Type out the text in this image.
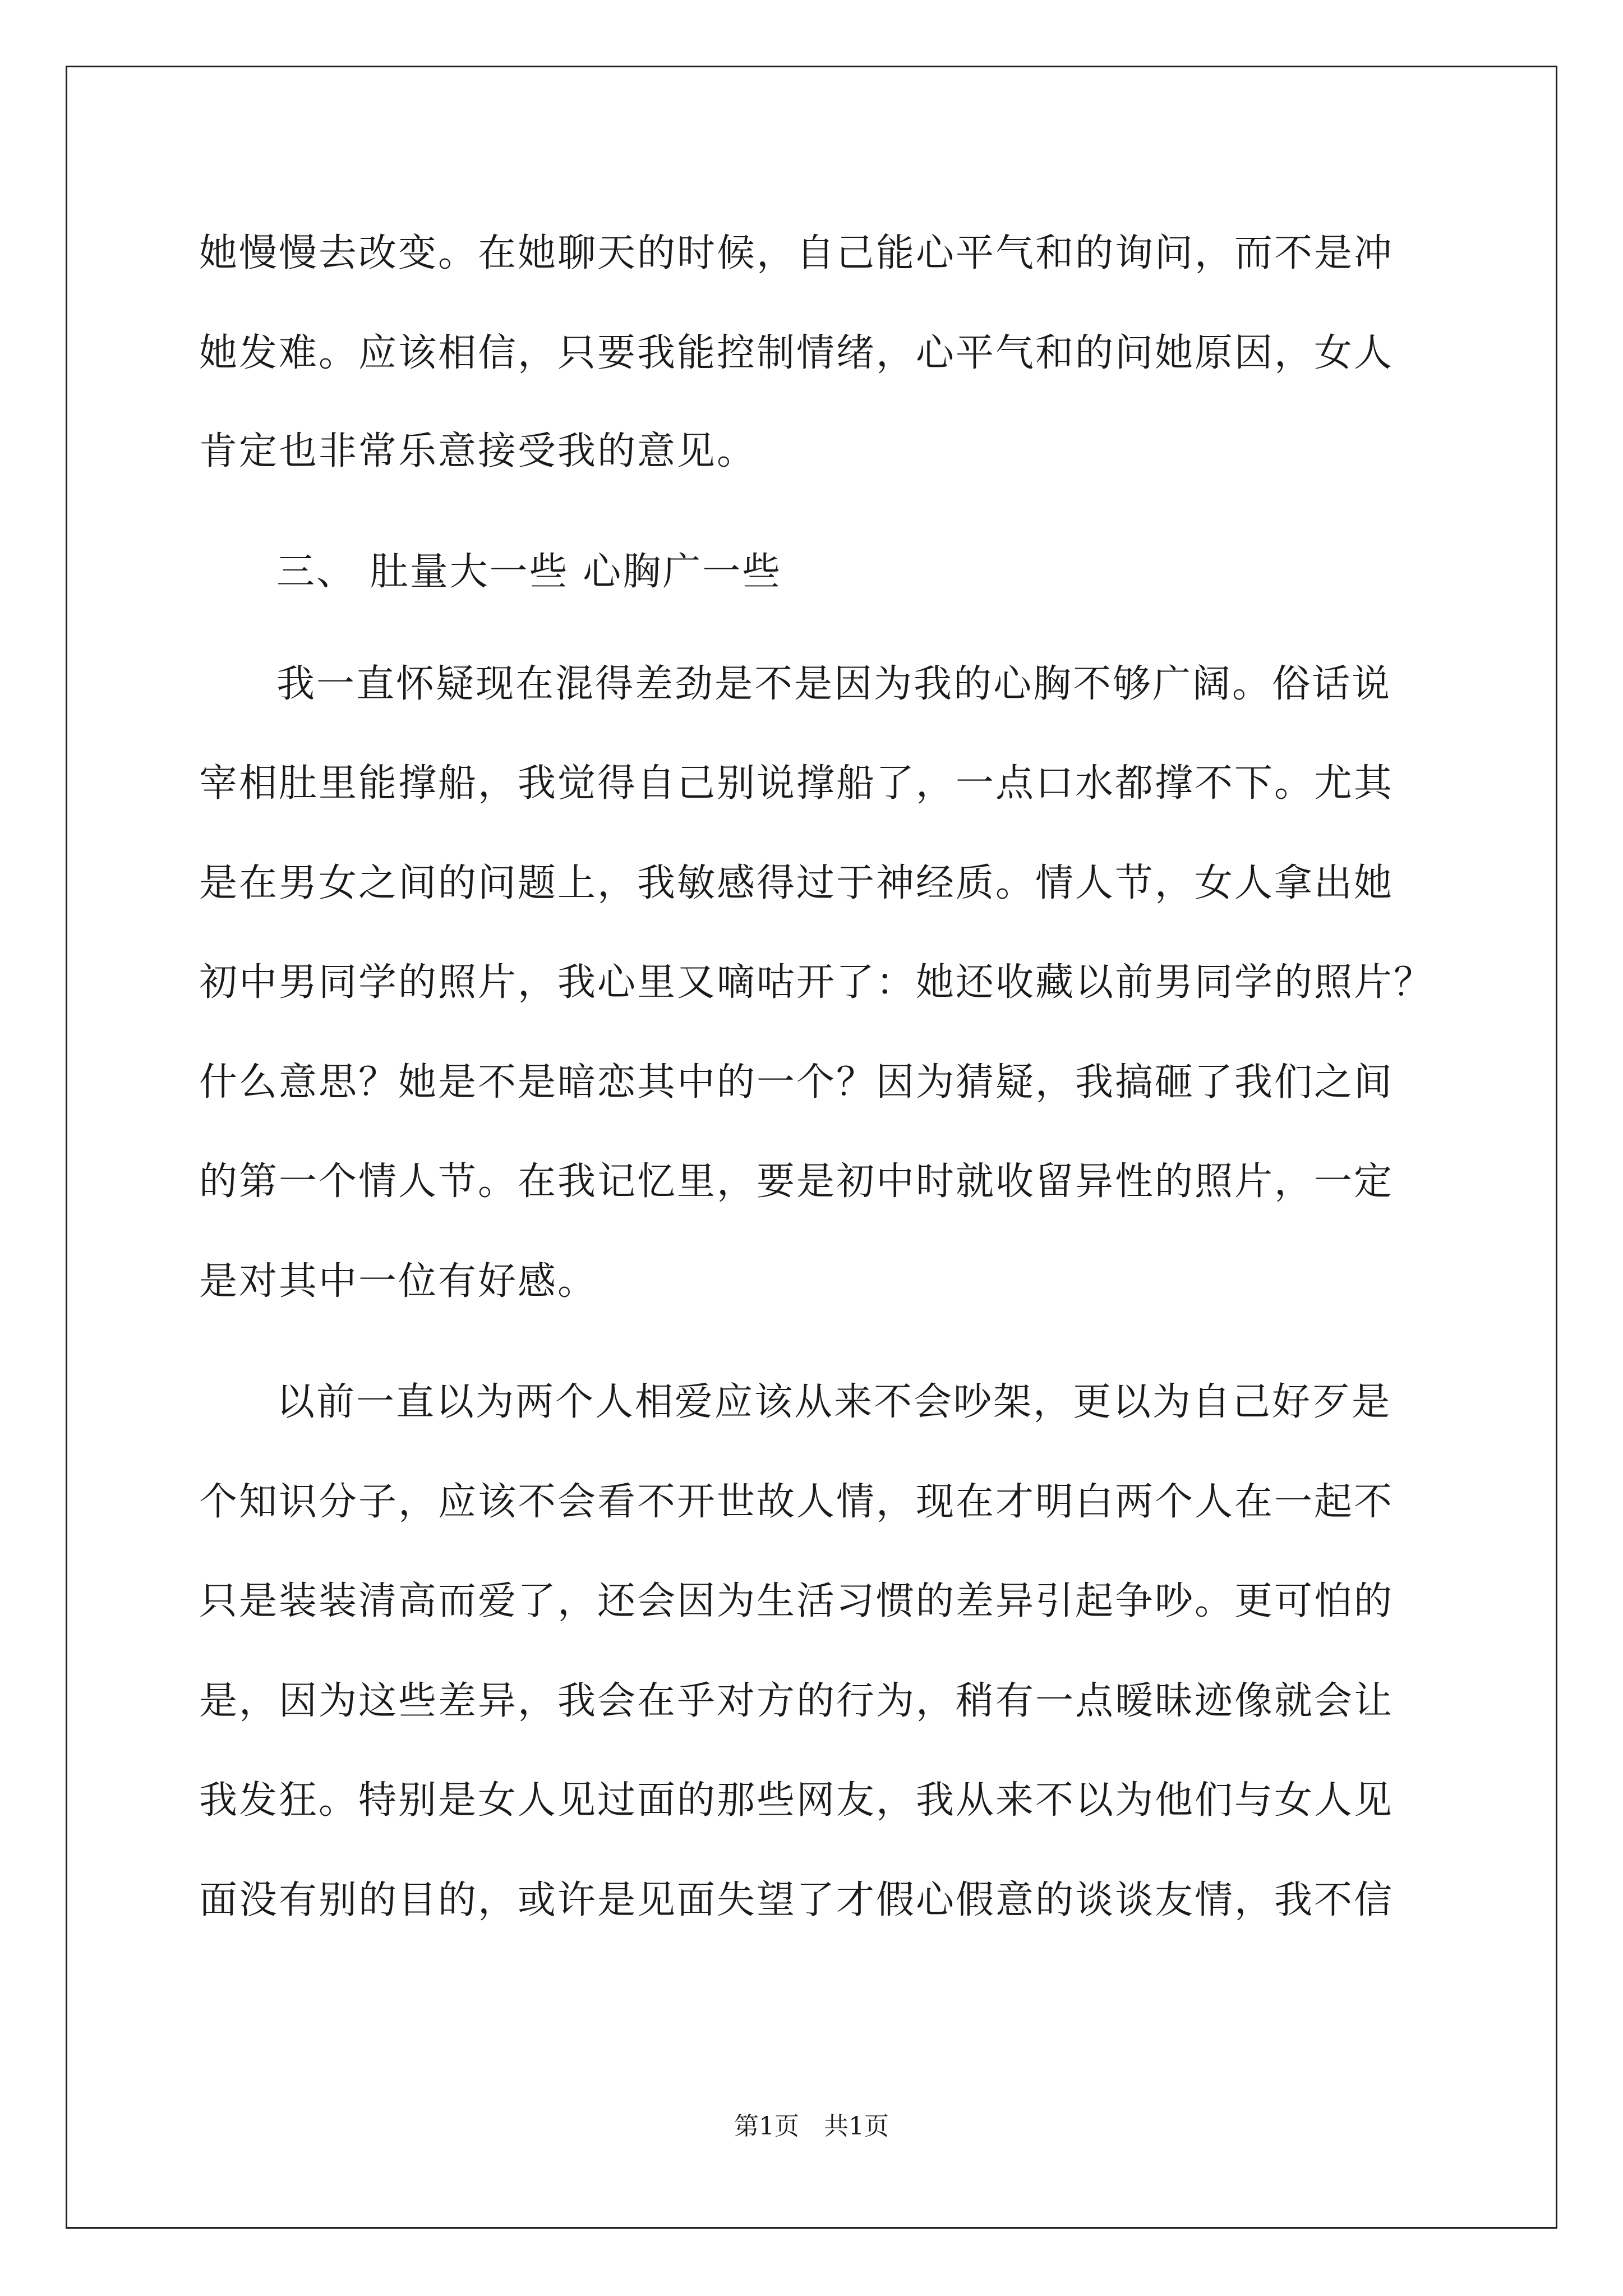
她慢慢去改变。在她聊天的时候，自己能心平气和的询问，而不是冲
她发难。应该相信，只要我能控制情绪，心平气和的问她原因，女人
肯定也非常乐意接受我的意见。
三、 肚量大一些 心胸广一些
我一直怀疑现在混得差劲是不是因为我的心胸不够广阔。俗话说
宰相肚里能撑船，我觉得自己别说撑船了，一点口水都撑不下。尤其
是在男女之间的问题上，我敏感得过于神经质。情人节，女人拿出她
初中男同学的照片，我心里又嘀咕开了：她还收藏以前男同学的照片？
什么意思？她是不是暗恋其中的一个？因为猜疑，我搞砸了我们之间
的第一个情人节。在我记忆里，要是初中时就收留异性的照片，一定
是对其中一位有好感。
以前一直以为两个人相爱应该从来不会吵架，更以为自己好歹是
个知识分子，应该不会看不开世故人情，现在才明白两个人在一起不
只是装装清高而爱了，还会因为生活习惯的差异引起争吵。更可怕的
是，因为这些差异，我会在乎对方的行为，稍有一点暧昧迹像就会让
我发狂。特别是女人见过面的那些网友，我从来不以为他们与女人见
面没有别的目的，或许是见面失望了才假心假意的谈谈友情，我不信
第1页　共1页
